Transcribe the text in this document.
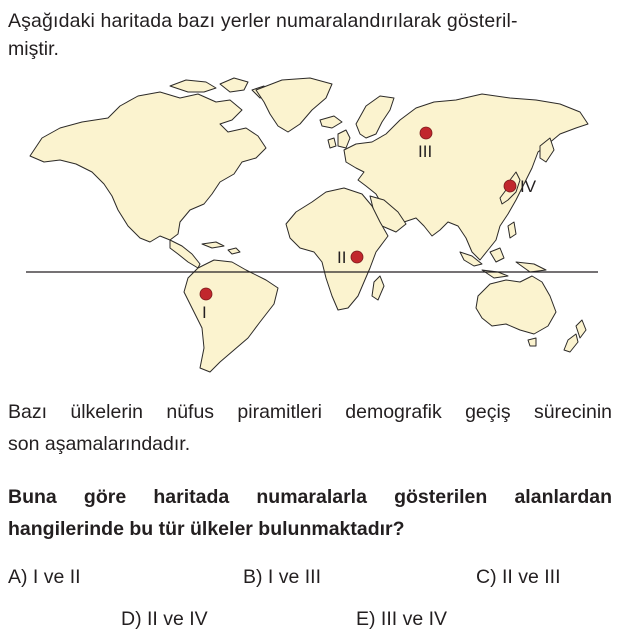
Aşağıdaki haritada bazı yerler numaralandırılarak gösteril-
miştir.

I
II
III
IV

Bazı ülkelerin nüfus piramitleri demografik geçiş sürecinin
son aşamalarındadır.

Buna göre haritada numaralarla gösterilen alanlardan
hangilerinde bu tür ülkeler bulunmaktadır?

A) I ve II	B) I ve III	C) II ve III
D) II ve IV	E) III ve IV
